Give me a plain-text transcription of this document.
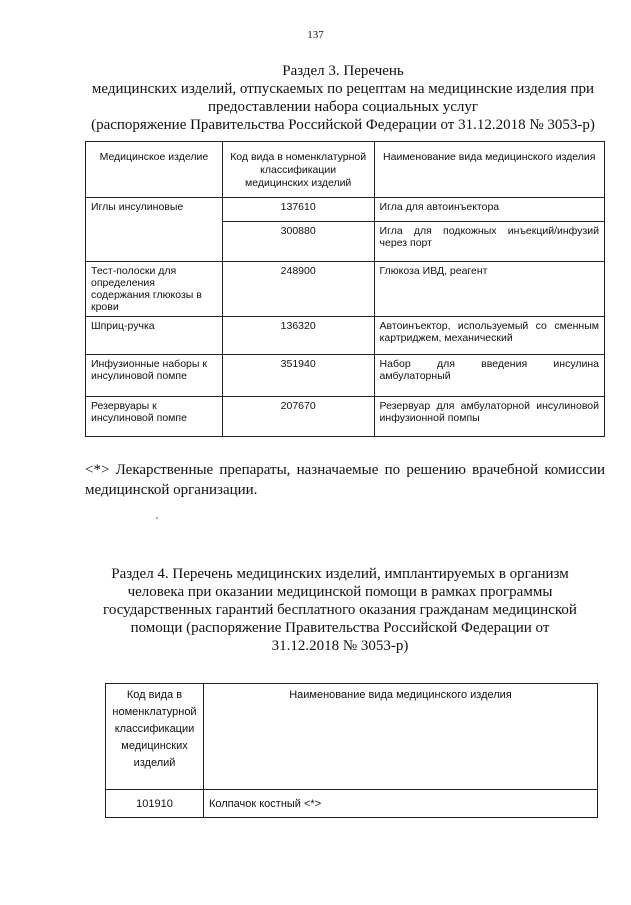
137
Раздел 3. Перечень
медицинских изделий, отпускаемых по рецептам на медицинские изделия при
предоставлении набора социальных услуг
(распоряжение Правительства Российской Федерации от 31.12.2018 № 3053-р)
Медицинское изделие	Код вида в номенклатурной классификации медицинских изделий	Наименование вида медицинского изделия
Иглы инсулиновые	137610	Игла для автоинъектора
	300880	Игла для подкожных инъекций/инфузий через порт
Тест-полоски для определения содержания глюкозы в крови	248900	Глюкоза ИВД, реагент
Шприц-ручка	136320	Автоинъектор, используемый со сменным картриджем, механический
Инфузионные наборы к инсулиновой помпе	351940	Набор для введения инсулина амбулаторный
Резервуары к инсулиновой помпе	207670	Резервуар для амбулаторной инсулиновой инфузионной помпы
<*> Лекарственные препараты, назначаемые по решению врачебной комиссии медицинской организации.
Раздел 4. Перечень медицинских изделий, имплантируемых в организм человека при оказании медицинской помощи в рамках программы государственных гарантий бесплатного оказания гражданам медицинской помощи (распоряжение Правительства Российской Федерации от 31.12.2018 № 3053-р)
Код вида в номенклатурной классификации медицинских изделий	Наименование вида медицинского изделия
101910	Колпачок костный <*>
